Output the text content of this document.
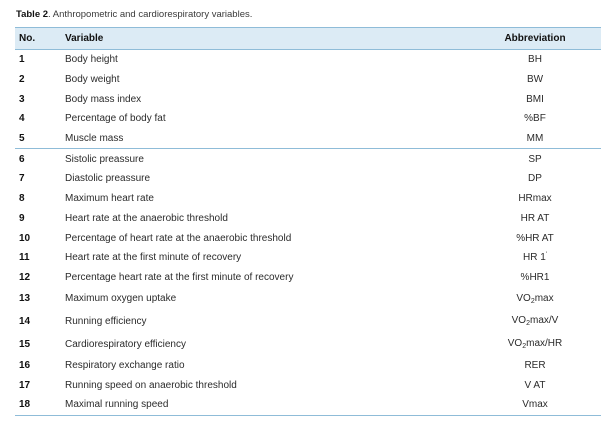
Table 2. Anthropometric and cardiorespiratory variables.
No.	Variable	Abbreviation
1	Body height	BH
2	Body weight	BW
3	Body mass index	BMI
4	Percentage of body fat	%BF
5	Muscle mass	MM
6	Sistolic preassure	SP
7	Diastolic preassure	DP
8	Maximum heart rate	HRmax
9	Heart rate at the anaerobic threshold	HR AT
10	Percentage of heart rate at the anaerobic threshold	%HR AT
11	Heart rate at the first minute of recovery	HR 1'
12	Percentage heart rate at the first minute of recovery	%HR1
13	Maximum oxygen uptake	$VO_2\max$
14	Running efficiency	$VO_2\max/V$
15	Cardiorespiratory efficiency	$VO_2\max/HR$
16	Respiratory exchange ratio	RER
17	Running speed on anaerobic threshold	V AT
18	Maximal running speed	Vmax
